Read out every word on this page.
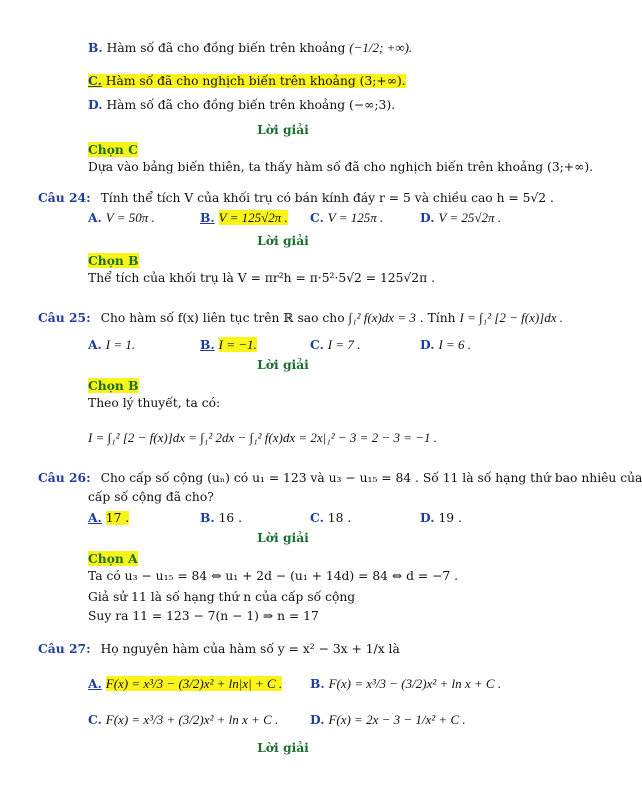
B. Hàm số đã cho đồng biến trên khoảng (−1/2; +∞).
C. Hàm số đã cho nghịch biến trên khoảng (3;+∞).
D. Hàm số đã cho đồng biến trên khoảng (−∞;3).
Lời giải
Chọn C
Dựa vào bảng biến thiên, ta thấy hàm số đã cho nghịch biến trên khoảng (3;+∞).
Câu 24: Tính thể tích V của khối trụ có bán kính đáy r = 5 và chiều cao h = 5√2 .
A. V = 50π .	B. V = 125√2π . C. V = 125π .	D. V = 25√2π .
Lời giải
Chọn B
Thể tích của khối trụ là V = πr²h = π·5²·5√2 = 125√2π .
Câu 25: Cho hàm số f(x) liên tục trên ℝ sao cho ∫₁² f(x)dx = 3 . Tính I = ∫₁² [2 − f(x)]dx .
A. I = 1.	B. I = −1.	C. I = 7 .	D. I = 6 .
Lời giải
Chọn B
Theo lý thuyết, ta có:
I = ∫₁² [2 − f(x)]dx = ∫₁² 2dx − ∫₁² f(x)dx = 2x|₁² − 3 = 2 − 3 = −1 .
Câu 26: Cho cấp số cộng (uₙ) có u₁ = 123 và u₃ − u₁₅ = 84 . Số 11 là số hạng thứ bao nhiêu của
cấp số cộng đã cho?
A. 17 .	B. 16 .	C. 18 .	D. 19 .
Lời giải
Chọn A
Ta có u₃ − u₁₅ = 84 ⇔ u₁ + 2d − (u₁ + 14d) = 84 ⇔ d = −7 .
Giả sử 11 là số hạng thứ n của cấp số cộng
Suy ra 11 = 123 − 7(n − 1) ⇒ n = 17
Câu 27: Họ nguyên hàm của hàm số y = x² − 3x + 1/x là
A. F(x) = x³/3 − (3/2)x² + ln|x| + C . B. F(x) = x³/3 − (3/2)x² + ln x + C .
C. F(x) = x³/3 + (3/2)x² + ln x + C .	D. F(x) = 2x − 3 − 1/x² + C .
Lời giải
